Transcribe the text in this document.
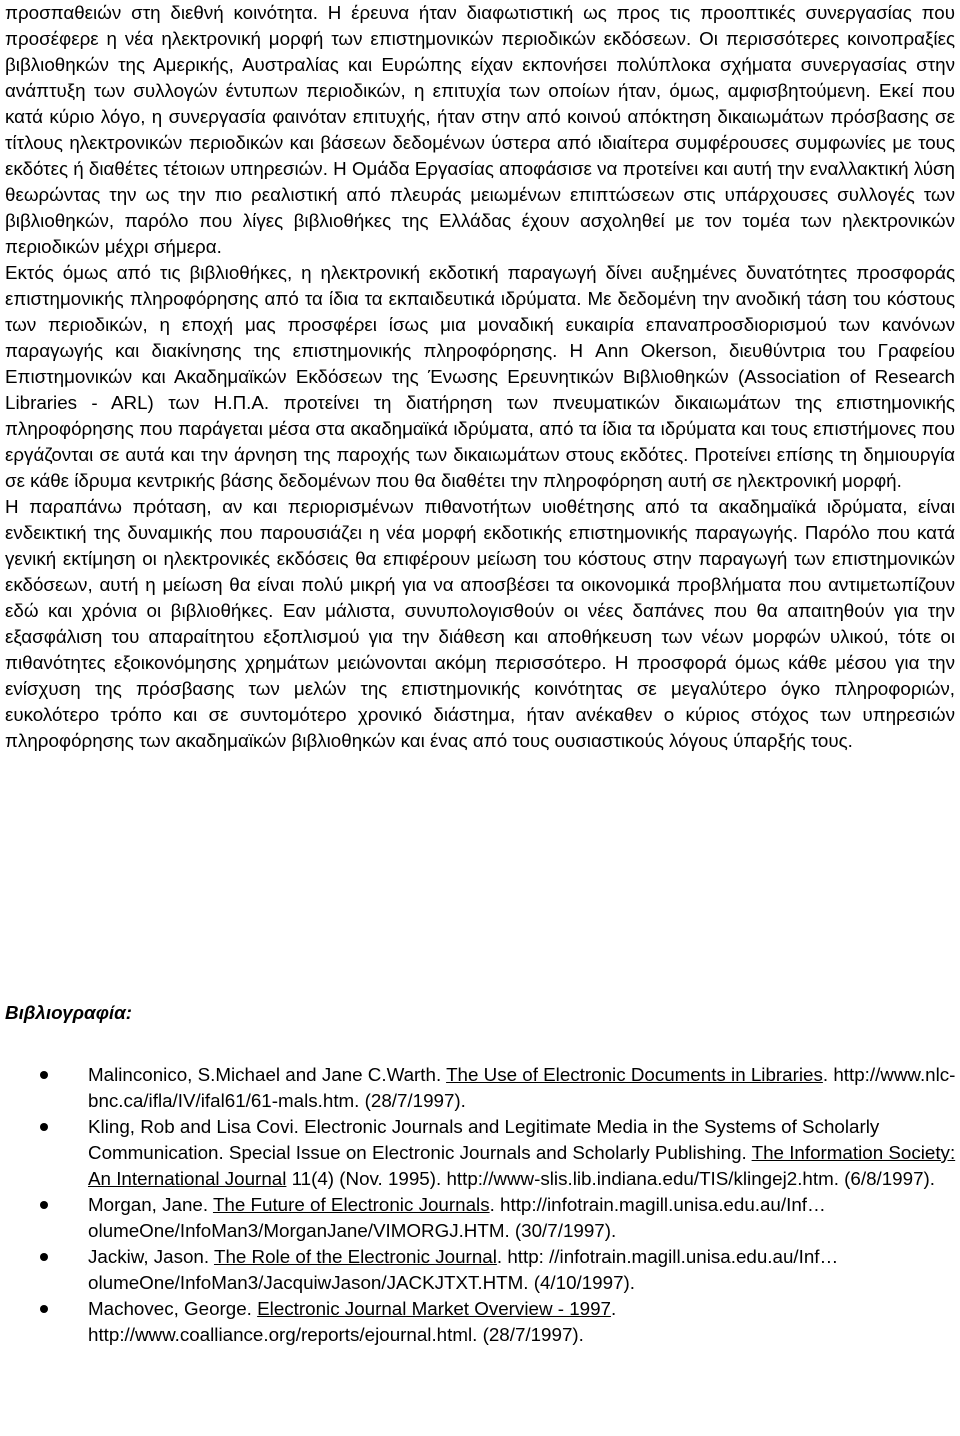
προσπαθειών στη διεθνή κοινότητα. Η έρευνα ήταν διαφωτιστική ως προς τις προοπτικές συνεργασίας που προσέφερε η νέα ηλεκτρονική μορφή των επιστημονικών περιοδικών εκδόσεων. Οι περισσότερες κοινοπραξίες βιβλιοθηκών της Αμερικής, Αυστραλίας και Ευρώπης είχαν εκπονήσει πολύπλοκα σχήματα συνεργασίας στην ανάπτυξη των συλλογών έντυπων περιοδικών, η επιτυχία των οποίων ήταν, όμως, αμφισβητούμενη. Εκεί που κατά κύριο λόγο, η συνεργασία φαινόταν επιτυχής, ήταν στην από κοινού απόκτηση δικαιωμάτων πρόσβασης σε τίτλους ηλεκτρονικών περιοδικών και βάσεων δεδομένων ύστερα από ιδιαίτερα συμφέρουσες συμφωνίες με τους εκδότες ή διαθέτες τέτοιων υπηρεσιών. Η Ομάδα Εργασίας αποφάσισε να προτείνει και αυτή την εναλλακτική λύση θεωρώντας την ως την πιο ρεαλιστική από πλευράς μειωμένων επιπτώσεων στις υπάρχουσες συλλογές των βιβλιοθηκών, παρόλο που λίγες βιβλιοθήκες της Ελλάδας έχουν ασχοληθεί με τον τομέα των ηλεκτρονικών περιοδικών μέχρι σήμερα.

Εκτός όμως από τις βιβλιοθήκες, η ηλεκτρονική εκδοτική παραγωγή δίνει αυξημένες δυνατότητες προσφοράς επιστημονικής πληροφόρησης από τα ίδια τα εκπαιδευτικά ιδρύματα. Με δεδομένη την ανοδική τάση του κόστους των περιοδικών, η εποχή μας προσφέρει ίσως μια μοναδική ευκαιρία επαναπροσδιορισμού των κανόνων παραγωγής και διακίνησης της επιστημονικής πληροφόρησης. Η Ann Okerson, διευθύντρια του Γραφείου Επιστημονικών και Ακαδημαϊκών Εκδόσεων της Ένωσης Ερευνητικών Βιβλιοθηκών (Association of Research Libraries - ARL) των Η.Π.Α. προτείνει τη διατήρηση των πνευματικών δικαιωμάτων της επιστημονικής πληροφόρησης που παράγεται μέσα στα ακαδημαϊκά ιδρύματα, από τα ίδια τα ιδρύματα και τους επιστήμονες που εργάζονται σε αυτά και την άρνηση της παροχής των δικαιωμάτων στους εκδότες. Προτείνει επίσης τη δημιουργία σε κάθε ίδρυμα κεντρικής βάσης δεδομένων που θα διαθέτει την πληροφόρηση αυτή σε ηλεκτρονική μορφή.

Η παραπάνω πρόταση, αν και περιορισμένων πιθανοτήτων υιοθέτησης από τα ακαδημαϊκά ιδρύματα, είναι ενδεικτική της δυναμικής που παρουσιάζει η νέα μορφή εκδοτικής επιστημονικής παραγωγής. Παρόλο που κατά γενική εκτίμηση οι ηλεκτρονικές εκδόσεις θα επιφέρουν μείωση του κόστους στην παραγωγή των επιστημονικών εκδόσεων, αυτή η μείωση θα είναι πολύ μικρή για να αποσβέσει τα οικονομικά προβλήματα που αντιμετωπίζουν εδώ και χρόνια οι βιβλιοθήκες. Εαν μάλιστα, συνυπολογισθούν οι νέες δαπάνες που θα απαιτηθούν για την εξασφάλιση του απαραίτητου εξοπλισμού για την διάθεση και αποθήκευση των νέων μορφών υλικού, τότε οι πιθανότητες εξοικονόμησης χρημάτων μειώνονται ακόμη περισσότερο. Η προσφορά όμως κάθε μέσου για την ενίσχυση της πρόσβασης των μελών της επιστημονικής κοινότητας σε μεγαλύτερο όγκο πληροφοριών, ευκολότερο τρόπο και σε συντομότερο χρονικό διάστημα, ήταν ανέκαθεν ο κύριος στόχος των υπηρεσιών πληροφόρησης των ακαδημαϊκών βιβλιοθηκών και ένας από τους ουσιαστικούς λόγους ύπαρξής τους.

Βιβλιογραφία:

Malinconico, S.Michael and Jane C.Warth. The Use of Electronic Documents in Libraries. http://www.nlc-bnc.ca/ifla/IV/ifal61/61-mals.htm. (28/7/1997).
Kling, Rob and Lisa Covi. Electronic Journals and Legitimate Media in the Systems of Scholarly Communication. Special Issue on Electronic Journals and Scholarly Publishing. The Information Society: An International Journal 11(4) (Nov. 1995). http://www-slis.lib.indiana.edu/TIS/klingej2.htm. (6/8/1997).
Morgan, Jane. The Future of Electronic Journals. http://infotrain.magill.unisa.edu.au/Inf…olumeOne/InfoMan3/MorganJane/VIMORGJ.HTM. (30/7/1997).
Jackiw, Jason. The Role of the Electronic Journal. http: //infotrain.magill.unisa.edu.au/Inf…olumeOne/InfoMan3/JacquiwJason/JACKJTXT.HTM. (4/10/1997).
Machovec, George. Electronic Journal Market Overview - 1997. http://www.coalliance.org/reports/ejournal.html. (28/7/1997).
